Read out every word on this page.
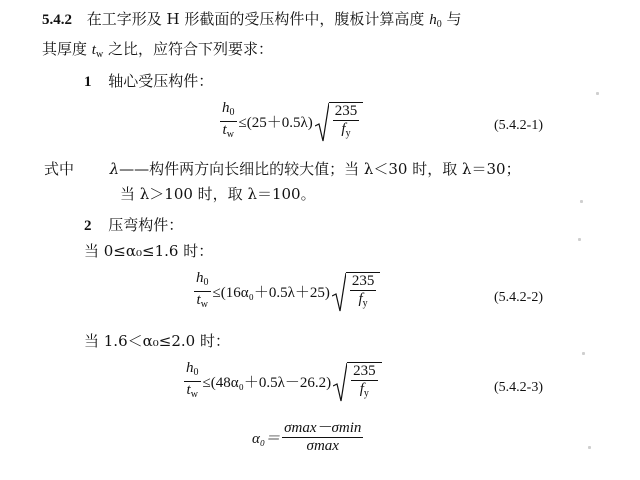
5.4.2 在工字形及 H 形截面的受压构件中，腹板计算高度 $h_0$ 与
其厚度 $t_w$ 之比，应符合下列要求：
1 轴心受压构件：
$\frac{h_0}{t_w} \le(25+0.5\lambda) \frac{235}{f_y}$	(5.4.2-1)
式中 λ——构件两方向长细比的较大值；当 λ＜30 时，取 λ＝30；
当 λ＞100 时，取 λ＝100。
2 压弯构件：
当 0≤α₀≤1.6 时：
$\frac{h_0}{t_w} \le(16\alpha_0+0.5\lambda+25) \frac{235}{f_y}$	(5.4.2-2)
当 1.6＜α₀≤2.0 时：
$\frac{h_0}{t_w} \le(48\alpha_0+0.5\lambda-26.2) \frac{235}{f_y}$	(5.4.2-3)
$\alpha_0= \frac{\sigma\max-\sigma\min}{\sigma\max}$
